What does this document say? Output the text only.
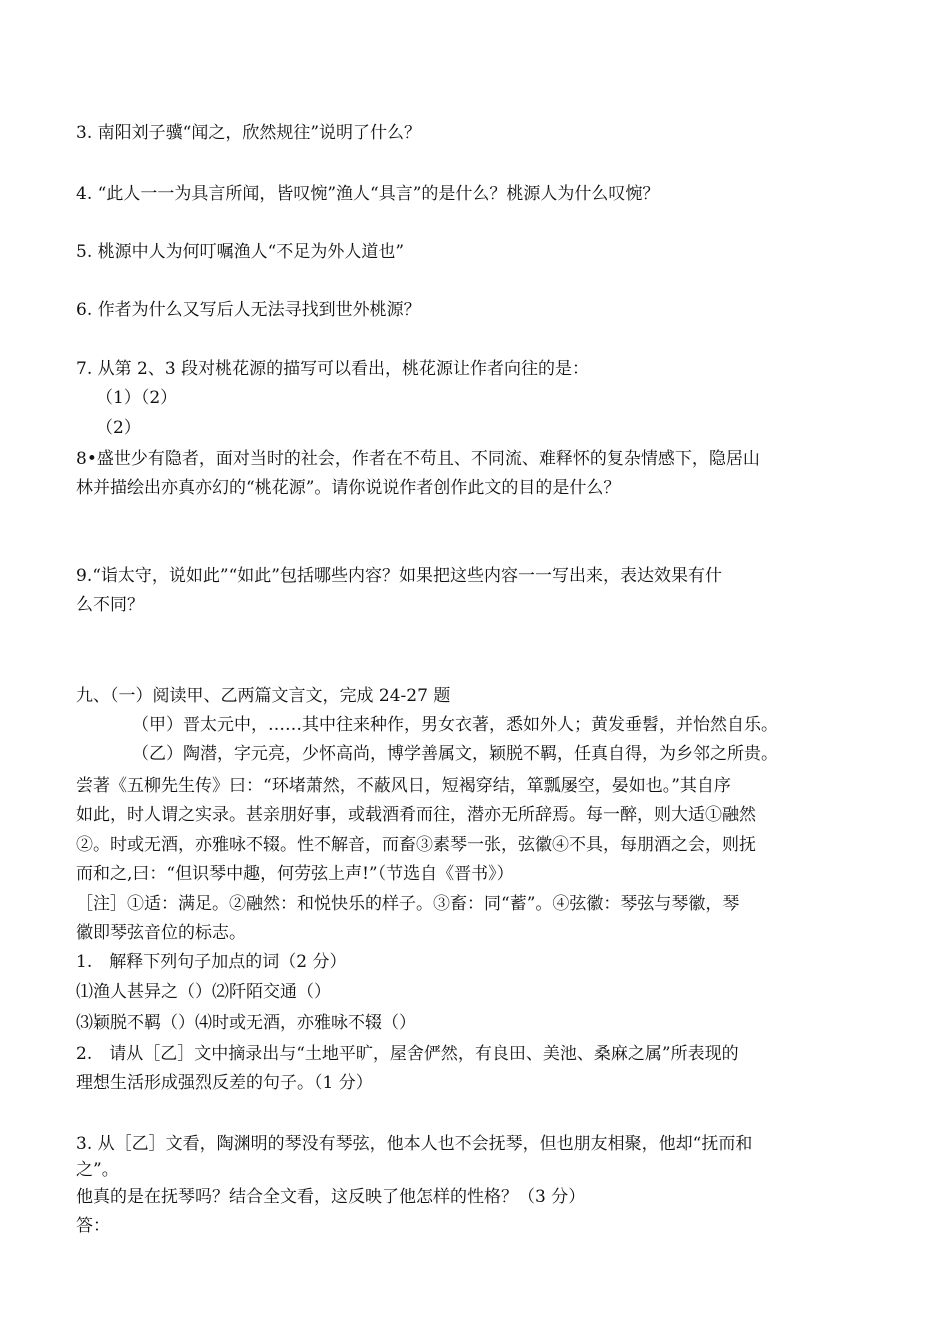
3. 南阳刘子骥“闻之，欣然规往”说明了什么？
4. “此人一一为具言所闻，皆叹惋”渔人“具言”的是什么？桃源人为什么叹惋？
5. 桃源中人为何叮嘱渔人“不足为外人道也”
6. 作者为什么又写后人无法寻找到世外桃源？
7. 从第 2、3 段对桃花源的描写可以看出，桃花源让作者向往的是：
（1）（2）
（2）
8•盛世少有隐者，面对当时的社会，作者在不苟且、不同流、难释怀的复杂情感下，隐居山
林并描绘出亦真亦幻的“桃花源”。请你说说作者创作此文的目的是什么？
9.“诣太守，说如此”“如此”包括哪些内容？如果把这些内容一一写出来，表达效果有什
么不同？
九、（一）阅读甲、乙两篇文言文，完成 24-27 题
（甲）晋太元中，……其中往来种作，男女衣著，悉如外人；黄发垂髫，并怡然自乐。
（乙）陶潜，字元亮，少怀高尚，博学善属文，颖脱不羁，任真自得，为乡邻之所贵。
尝著《五柳先生传》曰：“环堵萧然，不蔽风日，短褐穿结，箪瓢屡空，晏如也。”其自序
如此，时人谓之实录。甚亲朋好事，或载酒肴而往，潜亦无所辞焉。每一醉，则大适①融然
②。时或无酒，亦雅咏不辍。性不解音，而畜③素琴一张，弦徽④不具，每朋酒之会，则抚
而和之,曰：“但识琴中趣，何劳弦上声!”（节选自《晋书》）
［注］①适：满足。②融然：和悦快乐的样子。③畜：同“蓄”。④弦徽：琴弦与琴徽，琴
徽即琴弦音位的标志。
1.　解释下列句子加点的词（2 分）
⑴渔人甚异之（）⑵阡陌交通（）
⑶颖脱不羁（）⑷时或无酒，亦雅咏不辍（）
2.　请从［乙］文中摘录出与“土地平旷，屋舍俨然，有良田、美池、桑麻之属”所表现的
理想生活形成强烈反差的句子。（1 分）
3. 从［乙］文看，陶渊明的琴没有琴弦，他本人也不会抚琴，但也朋友相聚，他却“抚而和
之”。
他真的是在抚琴吗？结合全文看，这反映了他怎样的性格？（3 分）
答：
